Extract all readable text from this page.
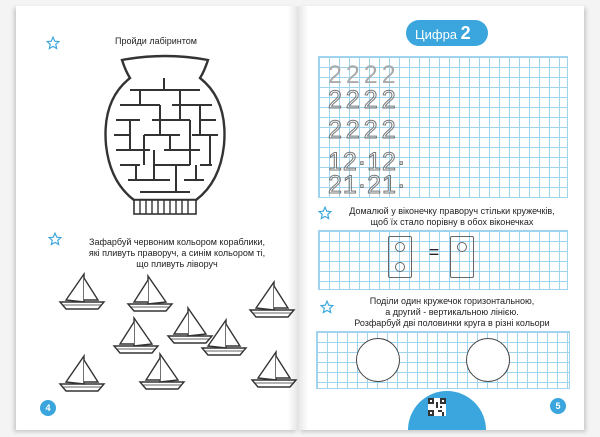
Пройди лабіринтом
Зафарбуй червоним кольором кораблики,
які пливуть праворуч, а синім кольором ті,
що пливуть ліворуч
4
Цифра 2
2222
2222
2222
12·12·
21·21·
Домалюй у віконечку праворуч стільки кружечків,
щоб їх стало порівну в обох віконечках
=
Поділи один кружечок горизонтальною,
а другий - вертикальною лінією.
Розфарбуй дві половинки круга в різні кольори
5
